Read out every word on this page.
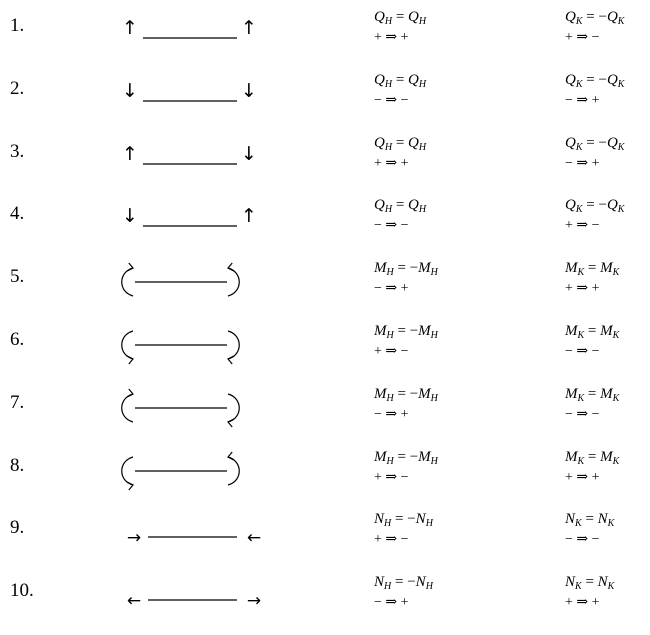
1.	↑	↑	$Q_H = Q_H$
+ ⇒ +
$Q_K = -Q_K$
+ ⇒ −
2.	↓	↓	$Q_H = Q_H$
− ⇒ −
$Q_K = -Q_K$
− ⇒ +
3.	↑	↓	$Q_H = Q_H$
+ ⇒ +
$Q_K = -Q_K$
− ⇒ +
4.	↓	↑	$Q_H = Q_H$
− ⇒ −
$Q_K = -Q_K$
+ ⇒ −
5.	$M_H = -M_H$
− ⇒ +
$M_K = M_K$
+ ⇒ +
6.	$M_H = -M_H$
+ ⇒ −
$M_K = M_K$
− ⇒ −
7.	$M_H = -M_H$
− ⇒ +
$M_K = M_K$
− ⇒ −
8.	$M_H = -M_H$
+ ⇒ −
$M_K = M_K$
+ ⇒ +
9.	→	←
$N_H = -N_H$
+ ⇒ −
$N_K = N_K$
− ⇒ −
10.	←	→
$N_H = -N_H$
− ⇒ +
$N_K = N_K$
+ ⇒ +
